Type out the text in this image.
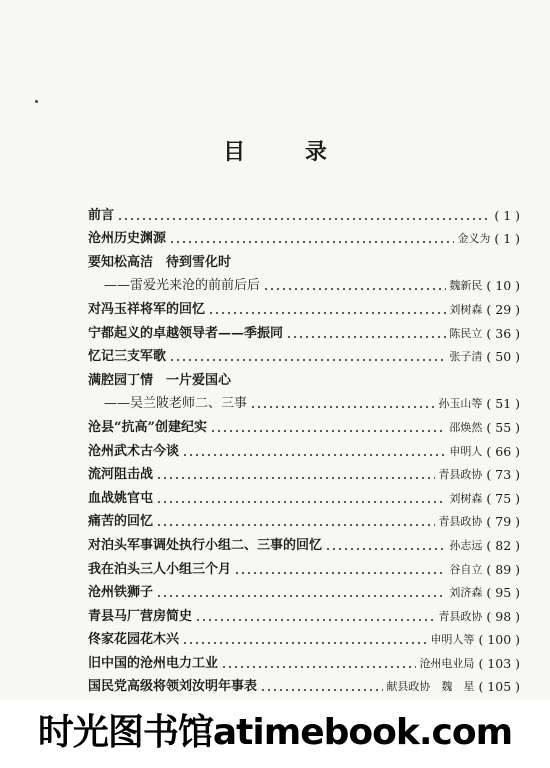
目 录
前言	( 1 )
沧州历史渊源	金义为 ( 1 )
要知松高洁　待到雪化时
——雷爱光来沧的前前后后	魏新民 ( 10 )
对冯玉祥将军的回忆	刘树森 ( 29 )
宁都起义的卓越领导者——季振同	陈民立 ( 36 )
忆记三支军歌	张子清 ( 50 )
满腔园丁情　一片爱国心
——吴兰陂老师二、三事	孙玉山等 ( 51 )
沧县“抗高”创建纪实	邵焕然 ( 55 )
沧州武术古今谈	申明人 ( 66 )
流河阻击战	青县政协 ( 73 )
血战姚官屯	刘树森 ( 75 )
痛苦的回忆	青县政协 ( 79 )
对泊头军事调处执行小组二、三事的回忆	孙志远 ( 82 )
我在泊头三人小组三个月	谷自立 ( 89 )
沧州铁狮子	刘济森 ( 95 )
青县马厂营房简史	青县政协 ( 98 )
佟家花园花木兴	申明人等 ( 100 )
旧中国的沧州电力工业	沧州电业局 ( 103 )
国民党高级将领刘汝明年事表	献县政协　魏　星 ( 105 )
时光图书馆atimebook.com
